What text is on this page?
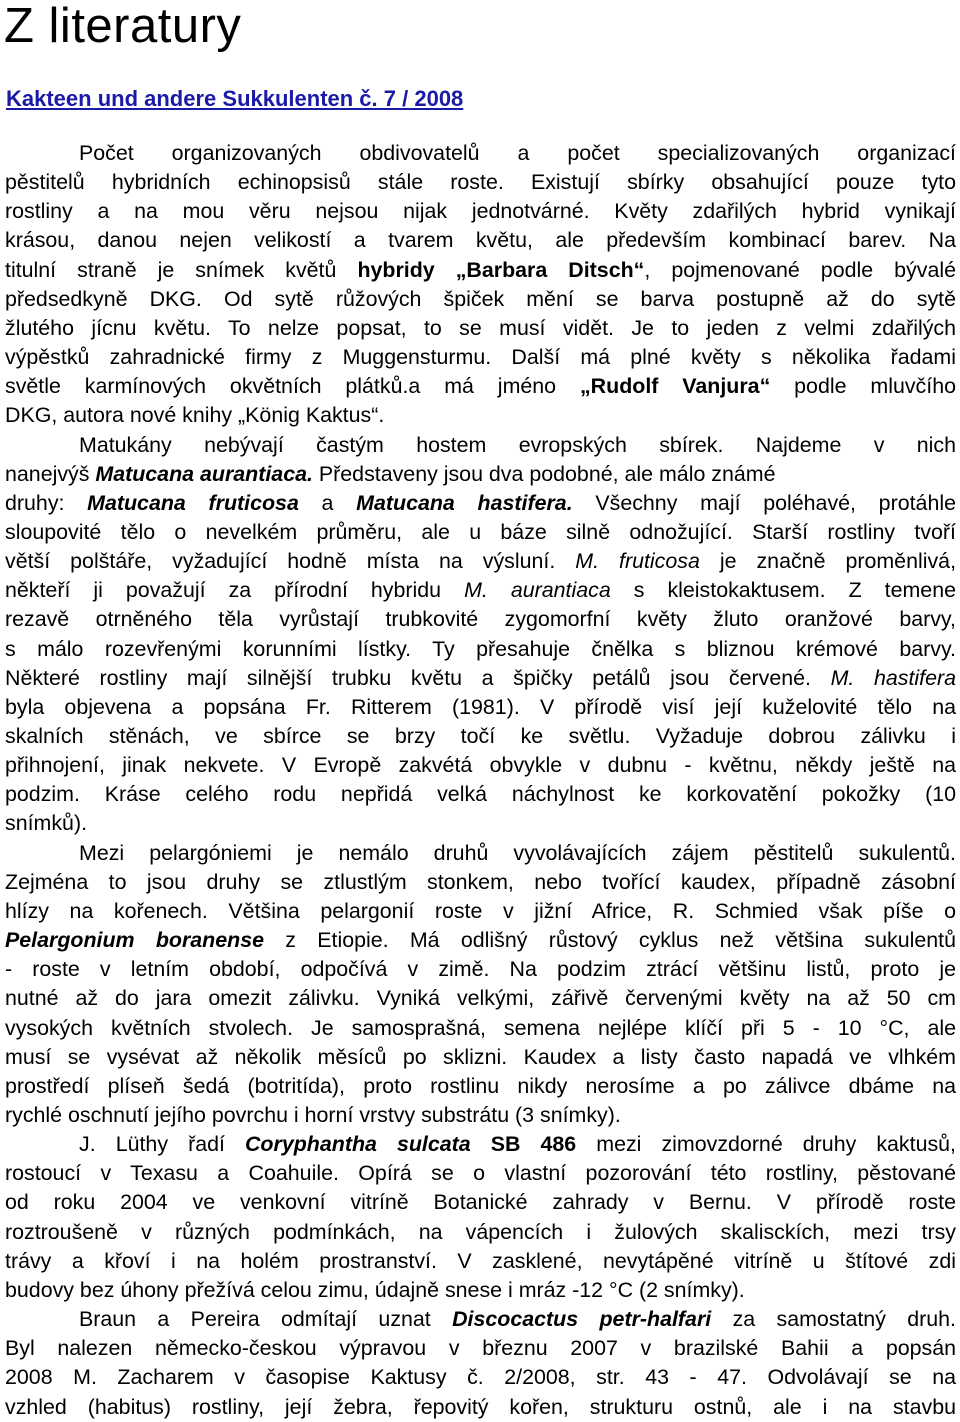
Z literatury
Kakteen und andere Sukkulenten č. 7 / 2008
Počet organizovaných obdivovatelů a počet specializovaných organizací
pěstitelů hybridních echinopsisů stále roste. Existují sbírky obsahující pouze tyto
rostliny a na mou věru nejsou nijak jednotvárné. Květy zdařilých hybrid vynikají
krásou, danou nejen velikostí a tvarem květu, ale především kombinací barev. Na
titulní straně je snímek květů hybridy „Barbara Ditsch“, pojmenované podle bývalé
předsedkyně DKG. Od sytě růžových špiček mění se barva postupně až do sytě
žlutého jícnu květu. To nelze popsat, to se musí vidět. Je to jeden z velmi zdařilých
výpěstků zahradnické firmy z Muggensturmu. Další má plné květy s několika řadami
světle karmínových okvětních plátků.a má jméno „Rudolf Vanjura“ podle mluvčího
DKG, autora nové knihy „König Kaktus“.
Matukány nebývají častým hostem evropských sbírek. Najdeme v nich
nanejvýš Matucana aurantiaca. Představeny jsou dva podobné, ale málo známé
druhy: Matucana fruticosa a Matucana hastifera. Všechny mají poléhavé, protáhle
sloupovité tělo o nevelkém průměru, ale u báze silně odnožující. Starší rostliny tvoří
větší polštáře, vyžadující hodně místa na výsluní. M. fruticosa je značně proměnlivá,
někteří ji považují za přírodní hybridu M. aurantiaca s kleistokaktusem. Z temene
rezavě otrněného těla vyrůstají trubkovité zygomorfní květy žluto oranžové barvy,
s málo rozevřenými korunními lístky. Ty přesahuje čnělka s bliznou krémové barvy.
Některé rostliny mají silnější trubku květu a špičky petálů jsou červené. M. hastifera
byla objevena a popsána Fr. Ritterem (1981). V přírodě visí její kuželovité tělo na
skalních stěnách, ve sbírce se brzy točí ke světlu. Vyžaduje dobrou zálivku i
přihnojení, jinak nekvete. V Evropě zakvétá obvykle v dubnu - květnu, někdy ještě na
podzim. Kráse celého rodu nepřidá velká náchylnost ke korkovatění pokožky (10
snímků).
Mezi pelargóniemi je nemálo druhů vyvolávajících zájem pěstitelů sukulentů.
Zejména to jsou druhy se ztlustlým stonkem, nebo tvořící kaudex, případně zásobní
hlízy na kořenech. Většina pelargonií roste v jižní Africe, R. Schmied však píše o
Pelargonium boranense z Etiopie. Má odlišný růstový cyklus než většina sukulentů
- roste v letním období, odpočívá v zimě. Na podzim ztrácí většinu listů, proto je
nutné až do jara omezit zálivku. Vyniká velkými, zářivě červenými květy na až 50 cm
vysokých květních stvolech. Je samosprašná, semena nejlépe klíčí při 5 - 10 °C, ale
musí se vysévat až několik měsíců po sklizni. Kaudex a listy často napadá ve vlhkém
prostředí plíseň šedá (botritída), proto rostlinu nikdy nerosíme a po zálivce dbáme na
rychlé oschnutí jejího povrchu i horní vrstvy substrátu (3 snímky).
J. Lüthy řadí Coryphantha sulcata SB 486 mezi zimovzdorné druhy kaktusů,
rostoucí v Texasu a Coahuile. Opírá se o vlastní pozorování této rostliny, pěstované
od roku 2004 ve venkovní vitríně Botanické zahrady v Bernu. V přírodě roste
roztroušeně v různých podmínkách, na vápencích i žulových skalisckích, mezi trsy
trávy a křoví i na holém prostranství. V zasklené, nevytápěné vitríně u štítové zdi
budovy bez úhony přežívá celou zimu, údajně snese i mráz -12 °C (2 snímky).
Braun a Pereira odmítají uznat Discocactus petr-halfari za samostatný druh.
Byl nalezen německo-českou výpravou v březnu 2007 v brazilské Bahii a popsán
2008 M. Zacharem v časopise Kaktusy č. 2/2008, str. 43 - 47. Odvolávají se na
vzhled (habitus) rostliny, její žebra, řepovitý kořen, strukturu ostnů, ale i na stavbu
